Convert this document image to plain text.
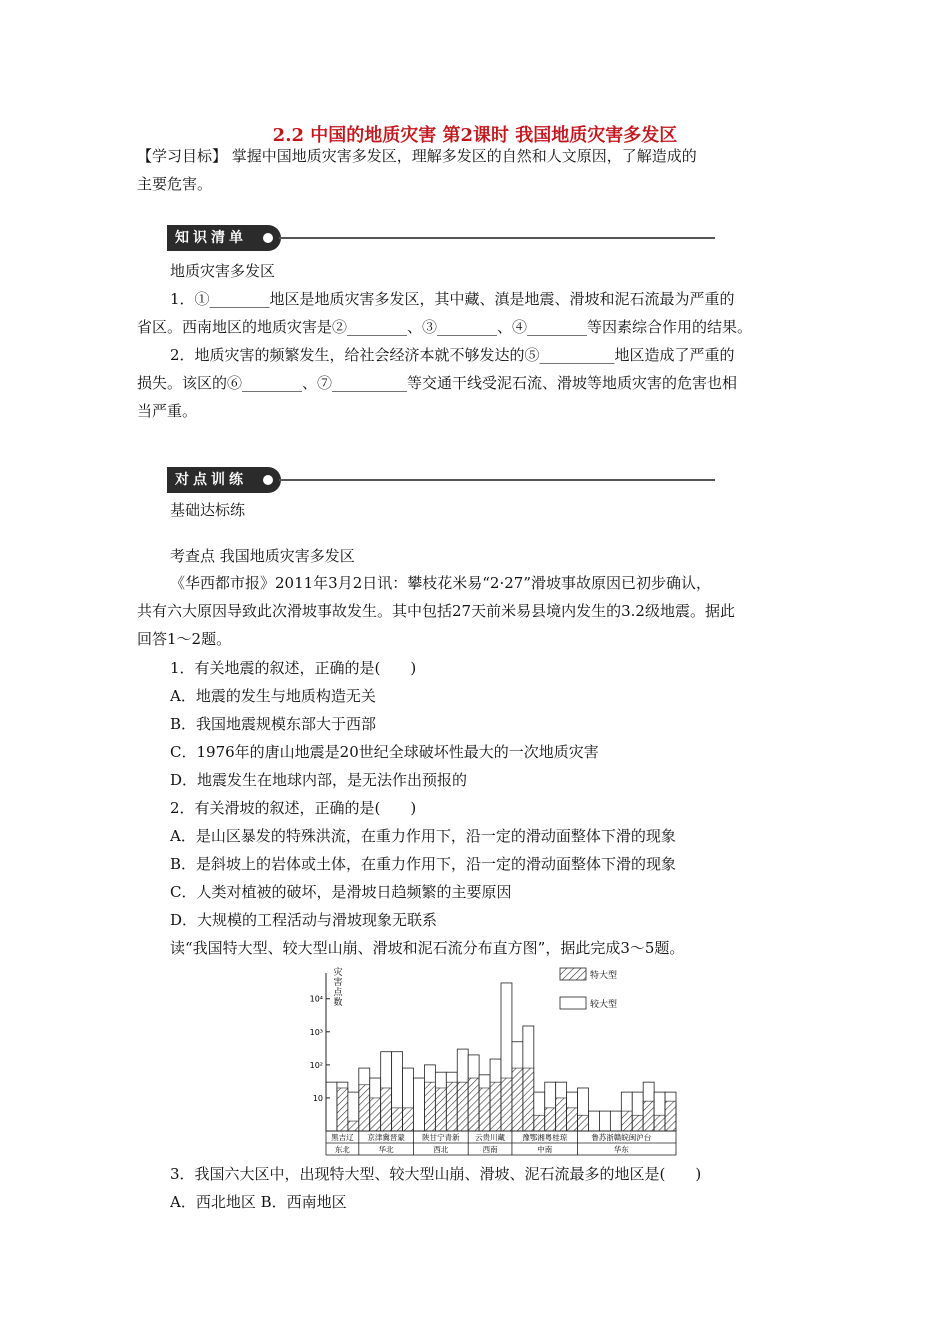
2.2 中国的地质灾害 第2课时 我国地质灾害多发区
【学习目标】 掌握中国地质灾害多发区，理解多发区的自然和人文原因，了解造成的
主要危害。
知识清单
地质灾害多发区
1．①________地区是地质灾害多发区，其中藏、滇是地震、滑坡和泥石流最为严重的
省区。西南地区的地质灾害是②________、③________、④________等因素综合作用的结果。
2．地质灾害的频繁发生，给社会经济本就不够发达的⑤__________地区造成了严重的
损失。该区的⑥________、⑦__________等交通干线受泥石流、滑坡等地质灾害的危害也相
当严重。
对点训练
基础达标练
考查点 我国地质灾害多发区
《华西都市报》2011年3月2日讯：攀枝花米易“2·27”滑坡事故原因已初步确认，
共有六大原因导致此次滑坡事故发生。其中包括27天前米易县境内发生的3.2级地震。据此
回答1～2题。
1．有关地震的叙述，正确的是(　　)
A．地震的发生与地质构造无关
B．我国地震规模东部大于西部
C．1976年的唐山地震是20世纪全球破坏性最大的一次地质灾害
D．地震发生在地球内部，是无法作出预报的
2．有关滑坡的叙述，正确的是(　　)
A．是山区暴发的特殊洪流，在重力作用下，沿一定的滑动面整体下滑的现象
B．是斜坡上的岩体或土体，在重力作用下，沿一定的滑动面整体下滑的现象
C．人类对植被的破坏，是滑坡日趋频繁的主要原因
D．大规模的工程活动与滑坡现象无联系
读“我国特大型、较大型山崩、滑坡和泥石流分布直方图”，据此完成3～5题。
10
10²
10³
10⁴
灾
害
点
数
特大型
较大型
黑吉辽
东北
京津冀晋蒙
华北
陕甘宁青新
西北
云贵川藏
西南
豫鄂湘粤桂琼
中南
鲁苏浙赣皖闽沪台
华东
3．我国六大区中，出现特大型、较大型山崩、滑坡、泥石流最多的地区是(　　)
A．西北地区 B．西南地区
